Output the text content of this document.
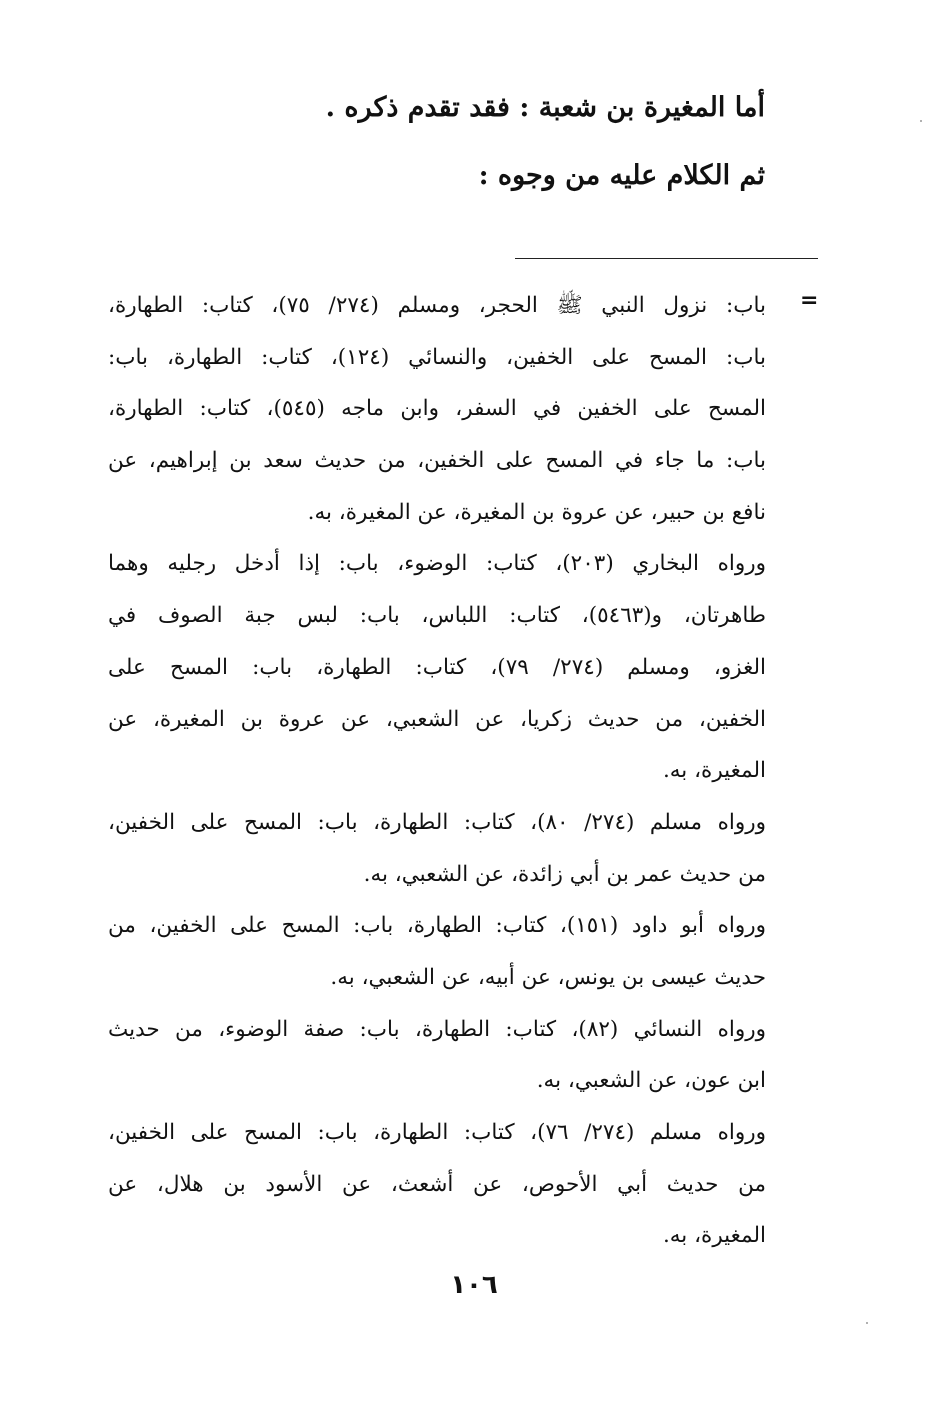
أما المغيرة بن شعبة : فقد تقدم ذكره .
ثم الكلام عليه من وجوه :
=
باب: نزول النبي ﷺ الحجر، ومسلم (٢٧٤/ ٧٥)، كتاب: الطهارة،
باب: المسح على الخفين، والنسائي (١٢٤)، كتاب: الطهارة، باب:
المسح على الخفين في السفر، وابن ماجه (٥٤٥)، كتاب: الطهارة،
باب: ما جاء في المسح على الخفين، من حديث سعد بن إبراهيم، عن
نافع بن حبير، عن عروة بن المغيرة، عن المغيرة، به.
ورواه البخاري (٢٠٣)، كتاب: الوضوء، باب: إذا أدخل رجليه وهما
طاهرتان، و(٥٤٦٣)، كتاب: اللباس، باب: لبس جبة الصوف في
الغزو، ومسلم (٢٧٤/ ٧٩)، كتاب: الطهارة، باب: المسح على
الخفين، من حديث زكريا، عن الشعبي، عن عروة بن المغيرة، عن
المغيرة، به.
ورواه مسلم (٢٧٤/ ٨٠)، كتاب: الطهارة، باب: المسح على الخفين،
من حديث عمر بن أبي زائدة، عن الشعبي، به.
ورواه أبو داود (١٥١)، كتاب: الطهارة، باب: المسح على الخفين، من
حديث عيسى بن يونس، عن أبيه، عن الشعبي، به.
ورواه النسائي (٨٢)، كتاب: الطهارة، باب: صفة الوضوء، من حديث
ابن عون، عن الشعبي، به.
ورواه مسلم (٢٧٤/ ٧٦)، كتاب: الطهارة، باب: المسح على الخفين،
من حديث أبي الأحوص، عن أشعث، عن الأسود بن هلال، عن
المغيرة، به.
١٠٦
